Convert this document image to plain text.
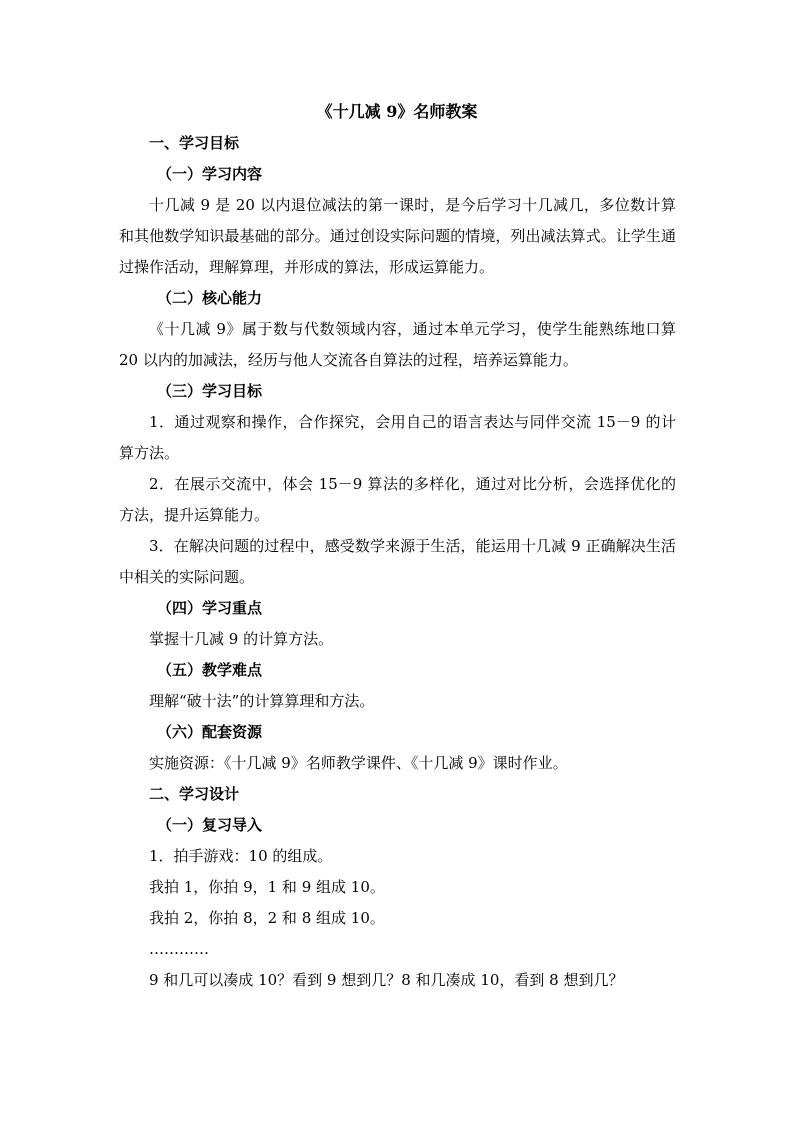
《十几减 9》名师教案

一、学习目标

（一）学习内容

十几减 9 是 20 以内退位减法的第一课时，是今后学习十几减几，多位数计算和其他数学知识最基础的部分。通过创设实际问题的情境，列出减法算式。让学生通过操作活动，理解算理，并形成的算法，形成运算能力。

（二）核心能力

《十几减 9》属于数与代数领域内容，通过本单元学习，使学生能熟练地口算 20 以内的加减法，经历与他人交流各自算法的过程，培养运算能力。

（三）学习目标

1．通过观察和操作，合作探究，会用自己的语言表达与同伴交流 15－9 的计算方法。

2．在展示交流中，体会 15－9 算法的多样化，通过对比分析，会选择优化的方法，提升运算能力。

3．在解决问题的过程中，感受数学来源于生活，能运用十几减 9 正确解决生活中相关的实际问题。

（四）学习重点

掌握十几减 9 的计算方法。

（五）教学难点

理解“破十法”的计算算理和方法。

（六）配套资源

实施资源：《十几减 9》名师教学课件、《十几减 9》课时作业。

二、学习设计

（一）复习导入

1．拍手游戏：10 的组成。

我拍 1，你拍 9，1 和 9 组成 10。

我拍 2，你拍 8，2 和 8 组成 10。

…………

9 和几可以凑成 10？看到 9 想到几？8 和几凑成 10，看到 8 想到几？
